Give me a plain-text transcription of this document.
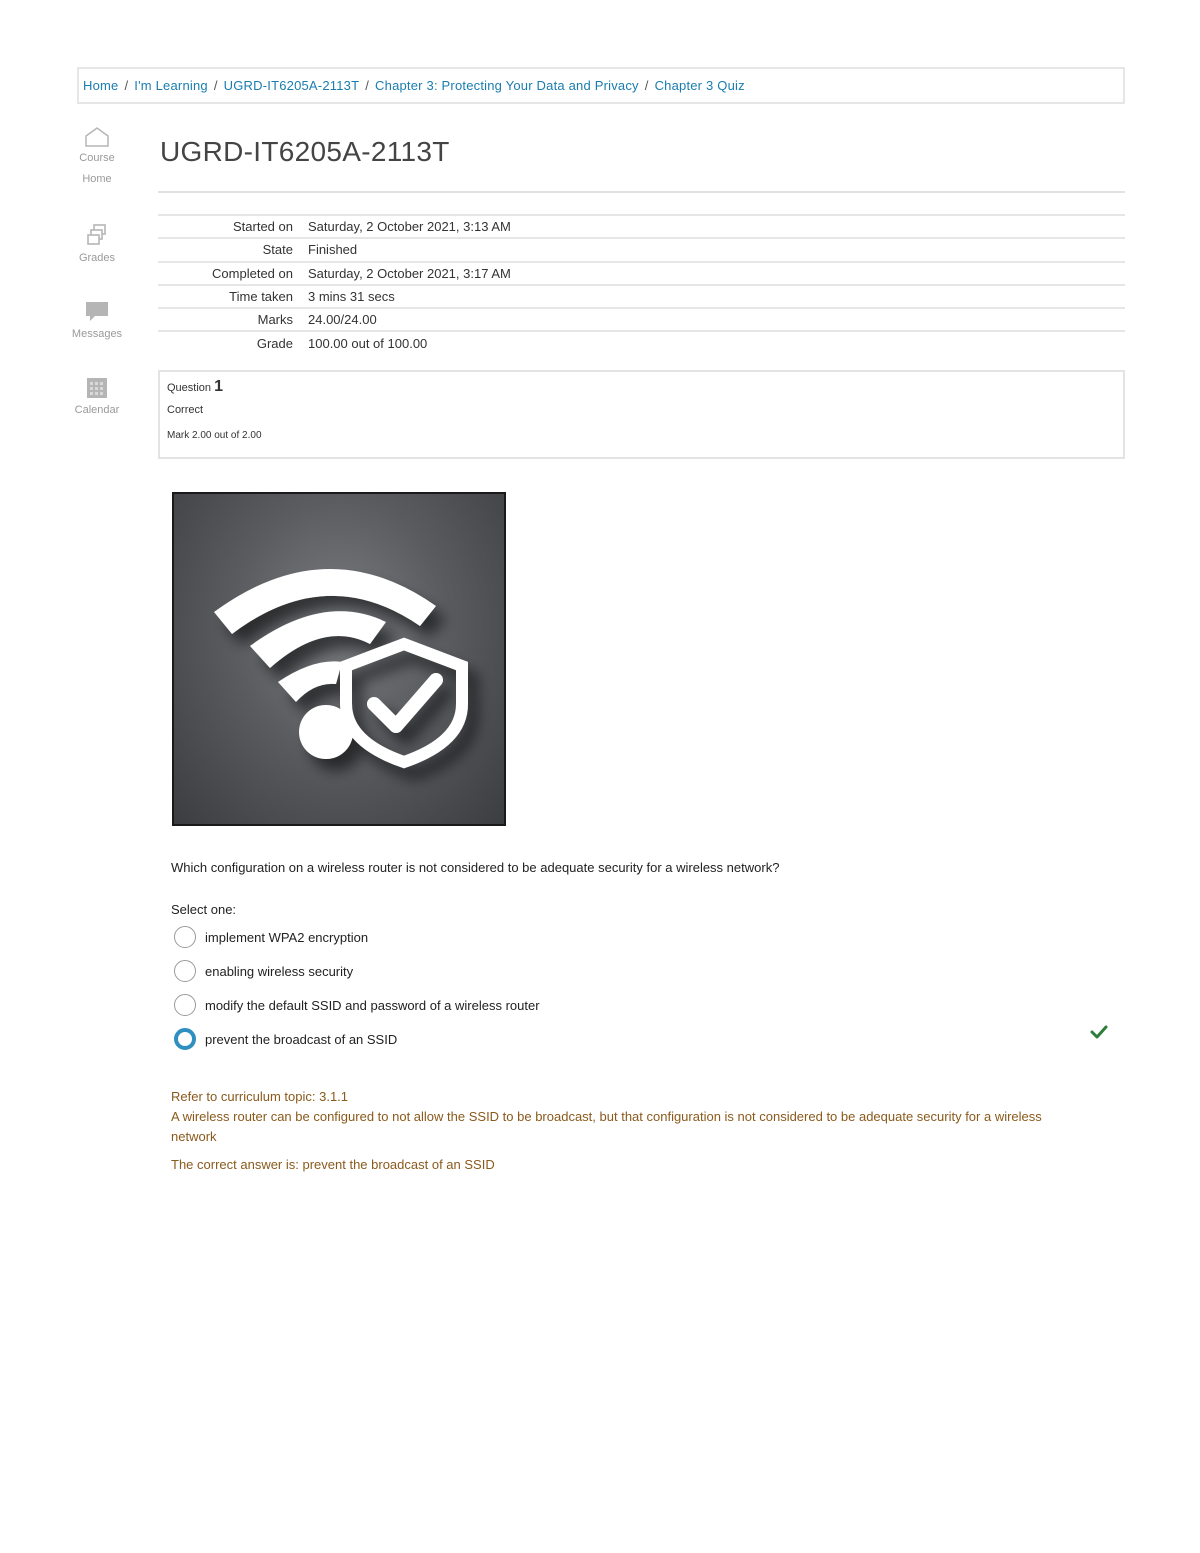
Home / I'm Learning / UGRD-IT6205A-2113T / Chapter 3: Protecting Your Data and Privacy / Chapter 3 Quiz
Course
Home
Grades
Messages
Calendar
UGRD-IT6205A-2113T
Started on Saturday, 2 October 2021, 3:13 AM
State Finished
Completed on Saturday, 2 October 2021, 3:17 AM
Time taken 3 mins 31 secs
Marks 24.00/24.00
Grade 100.00 out of 100.00
Question 1
Correct
Mark 2.00 out of 2.00
Which configuration on a wireless router is not considered to be adequate security for a wireless network?
Select one:
implement WPA2 encryption
enabling wireless security
modify the default SSID and password of a wireless router
prevent the broadcast of an SSID
Refer to curriculum topic: 3.1.1
A wireless router can be configured to not allow the SSID to be broadcast, but that configuration is not considered to be adequate security for a wireless network
The correct answer is: prevent the broadcast of an SSID
